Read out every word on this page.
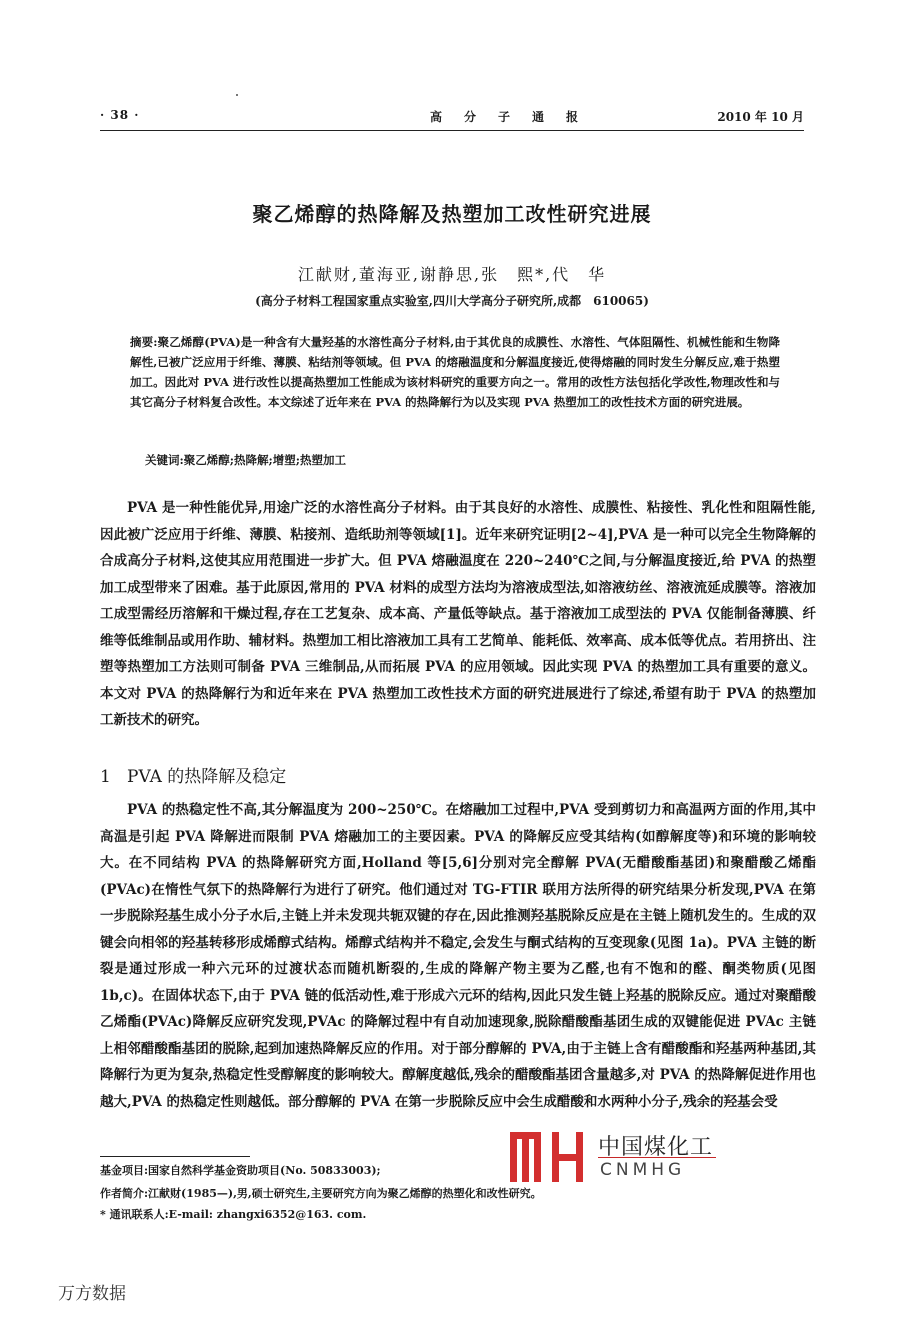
· 38 ·	高分子通报	2010 年 10 月
聚乙烯醇的热降解及热塑加工改性研究进展
江献财,董海亚,谢静思,张　熙*,代　华
(高分子材料工程国家重点实验室,四川大学高分子研究所,成都　610065)
摘要:聚乙烯醇(PVA)是一种含有大量羟基的水溶性高分子材料,由于其优良的成膜性、水溶性、气体阻隔性、机械性能和生物降解性,已被广泛应用于纤维、薄膜、粘结剂等领域。但 PVA 的熔融温度和分解温度接近,使得熔融的同时发生分解反应,难于热塑加工。因此对 PVA 进行改性以提高热塑加工性能成为该材料研究的重要方向之一。常用的改性方法包括化学改性,物理改性和与其它高分子材料复合改性。本文综述了近年来在 PVA 的热降解行为以及实现 PVA 热塑加工的改性技术方面的研究进展。
关键词:聚乙烯醇;热降解;增塑;热塑加工
PVA 是一种性能优异,用途广泛的水溶性高分子材料。由于其良好的水溶性、成膜性、粘接性、乳化性和阻隔性能,因此被广泛应用于纤维、薄膜、粘接剂、造纸助剂等领域[1]。近年来研究证明[2~4],PVA 是一种可以完全生物降解的合成高分子材料,这使其应用范围进一步扩大。但 PVA 熔融温度在 220~240℃之间,与分解温度接近,给 PVA 的热塑加工成型带来了困难。基于此原因,常用的 PVA 材料的成型方法均为溶液成型法,如溶液纺丝、溶液流延成膜等。溶液加工成型需经历溶解和干燥过程,存在工艺复杂、成本高、产量低等缺点。基于溶液加工成型法的 PVA 仅能制备薄膜、纤维等低维制品或用作助、辅材料。热塑加工相比溶液加工具有工艺简单、能耗低、效率高、成本低等优点。若用挤出、注塑等热塑加工方法则可制备 PVA 三维制品,从而拓展 PVA 的应用领域。因此实现 PVA 的热塑加工具有重要的意义。本文对 PVA 的热降解行为和近年来在 PVA 热塑加工改性技术方面的研究进展进行了综述,希望有助于 PVA 的热塑加工新技术的研究。
1 PVA 的热降解及稳定
PVA 的热稳定性不高,其分解温度为 200~250℃。在熔融加工过程中,PVA 受到剪切力和高温两方面的作用,其中高温是引起 PVA 降解进而限制 PVA 熔融加工的主要因素。PVA 的降解反应受其结构(如醇解度等)和环境的影响较大。在不同结构 PVA 的热降解研究方面,Holland 等[5,6]分别对完全醇解 PVA(无醋酸酯基团)和聚醋酸乙烯酯(PVAc)在惰性气氛下的热降解行为进行了研究。他们通过对 TG-FTIR 联用方法所得的研究结果分析发现,PVA 在第一步脱除羟基生成小分子水后,主链上并未发现共轭双键的存在,因此推测羟基脱除反应是在主链上随机发生的。生成的双键会向相邻的羟基转移形成烯醇式结构。烯醇式结构并不稳定,会发生与酮式结构的互变现象(见图 1a)。PVA 主链的断裂是通过形成一种六元环的过渡状态而随机断裂的,生成的降解产物主要为乙醛,也有不饱和的醛、酮类物质(见图 1b,c)。在固体状态下,由于 PVA 链的低活动性,难于形成六元环的结构,因此只发生链上羟基的脱除反应。通过对聚醋酸乙烯酯(PVAc)降解反应研究发现,PVAc 的降解过程中有自动加速现象,脱除醋酸酯基团生成的双键能促进 PVAc 主链上相邻醋酸酯基团的脱除,起到加速热降解反应的作用。对于部分醇解的 PVA,由于主链上含有醋酸酯和羟基两种基团,其降解行为更为复杂,热稳定性受醇解度的影响较大。醇解度越低,残余的醋酸酯基团含量越多,对 PVA 的热降解促进作用也越大,PVA 的热稳定性则越低。部分醇解的 PVA 在第一步脱除反应中会生成醋酸和水两种小分子,残余的羟基会受
基金项目:国家自然科学基金资助项目(No. 50833003);
作者简介:江献财(1985—),男,硕士研究生,主要研究方向为聚乙烯醇的热塑化和改性研究。
* 通讯联系人:E-mail: zhangxi6352@163. com.
中国煤化工
CNMHG
万方数据
